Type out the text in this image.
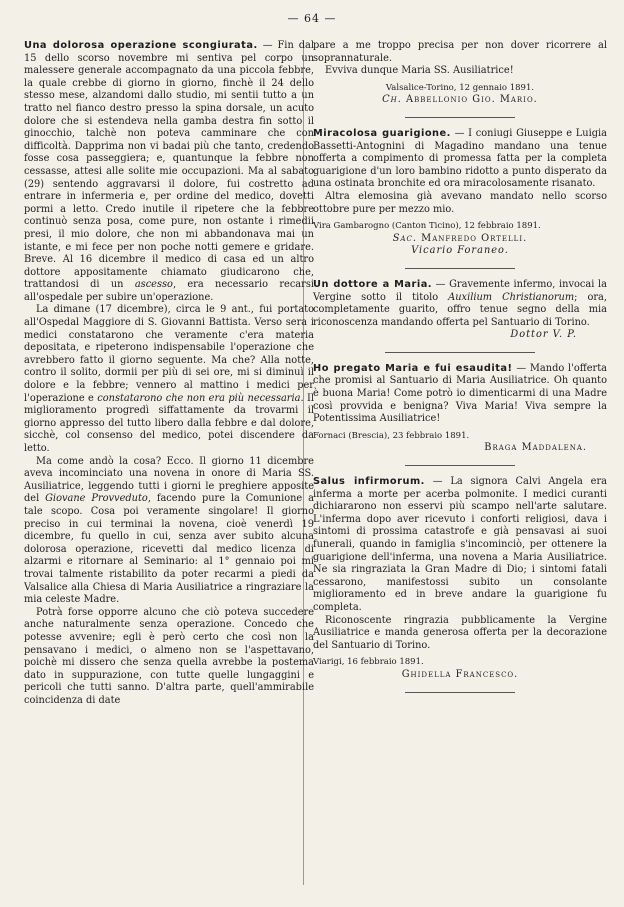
— 64 —

Una dolorosa operazione scongiurata. — Fin dal 15 dello scorso novembre mi sentiva pel corpo un malessere generale accompagnato da una piccola febbre, la quale crebbe di giorno in giorno, finchè il 24 dello stesso mese, alzandomi dallo studio, mi sentii tutto a un tratto nel fianco destro presso la spina dorsale, un acuto dolore che si estendeva nella gamba destra fin sotto il ginocchio, talchè non poteva camminare che con difficoltà. Dapprima non vi badai più che tanto, credendo fosse cosa passeggiera; e, quantunque la febbre non cessasse, attesi alle solite mie occupazioni. Ma al sabato (29) sentendo aggravarsi il dolore, fui costretto ad entrare in infermeria e, per ordine del medico, dovetti pormi a letto. Credo inutile il ripetere che la febbre continuò senza posa, come pure, non ostante i rimedii presi, il mio dolore, che non mi abbandonava mai un istante, e mi fece per non poche notti gemere e gridare. Breve. Al 16 dicembre il medico di casa ed un altro dottore appositamente chiamato giudicarono che, trattandosi di un ascesso, era necessario recarsi all'ospedale per subire un'operazione.

La dimane (17 dicembre), circa le 9 ant., fui portato all'Ospedal Maggiore di S. Giovanni Battista. Verso sera i medici constatarono che veramente c'era materia depositata, e ripeterono indispensabile l'operazione che avrebbero fatto il giorno seguente. Ma che? Alla notte, contro il solito, dormii per più di sei ore, mi si diminuì il dolore e la febbre; vennero al mattino i medici per l'operazione e constatarono che non era più necessaria. Il miglioramento progredì siffattamente da trovarmi il giorno appresso del tutto libero dalla febbre e dal dolore, sicchè, col consenso del medico, potei discendere da letto.

Ma come andò la cosa? Ecco. Il giorno 11 dicembre aveva incominciato una novena in onore di Maria SS. Ausiliatrice, leggendo tutti i giorni le preghiere apposite del Giovane Provveduto, facendo pure la Comunione a tale scopo. Cosa poi veramente singolare! Il giorno preciso in cui terminai la novena, cioè venerdì 19 dicembre, fu quello in cui, senza aver subito alcuna dolorosa operazione, ricevetti dal medico licenza di alzarmi e ritornare al Seminario: al 1° gennaio poi mi trovai talmente ristabilito da poter recarmi a piedi da Valsalice alla Chiesa di Maria Ausiliatrice a ringraziare la mia celeste Madre.

Potrà forse opporre alcuno che ciò poteva succedere anche naturalmente senza operazione. Concedo che potesse avvenire; egli è però certo che così non la pensavano i medici, o almeno non se l'aspettavano, poichè mi dissero che senza quella avrebbe la postema dato in suppurazione, con tutte quelle lungaggini e pericoli che tutti sanno. D'altra parte, quell'ammirabile coincidenza di date

pare a me troppo precisa per non dover ricorrere al soprannaturale.

Evviva dunque Maria SS. Ausiliatrice!

Valsalice-Torino, 12 gennaio 1891.

Ch. Abbellonio Gio. Mario.

Miracolosa guarigione. — I coniugi Giuseppe e Luigia Bassetti-Antognini di Magadino mandano una tenue offerta a compimento di promessa fatta per la completa guarigione d'un loro bambino ridotto a punto disperato da una ostinata bronchite ed ora miracolosamente risanato.

Altra elemosina già avevano mandato nello scorso ottobre pure per mezzo mio.

Vira Gambarogno (Canton Ticino), 12 febbraio 1891.

Sac. Manfredo Ortelli.

Vicario Foraneo.

Un dottore a Maria. — Gravemente infermo, invocai la Vergine sotto il titolo Auxilium Christianorum; ora, completamente guarito, offro tenue segno della mia riconoscenza mandando offerta pel Santuario di Torino.

Dottor V. P.

Ho pregato Maria e fui esaudita! — Mando l'offerta che promisi al Santuario di Maria Ausiliatrice. Oh quanto è buona Maria! Come potrò io dimenticarmi di una Madre così provvida e benigna? Viva Maria! Viva sempre la Potentissima Ausiliatrice!

Fornaci (Brescia), 23 febbraio 1891.

Braga Maddalena.

Salus infirmorum. — La signora Calvi Angela era inferma a morte per acerba polmonite. I medici curanti dichiararono non esservi più scampo nell'arte salutare. L'inferma dopo aver ricevuto i conforti religiosi, dava i sintomi di prossima catastrofe e già pensavasi ai suoi funerali, quando in famiglia s'incominciò, per ottenere la guarigione dell'inferma, una novena a Maria Ausiliatrice. Ne sia ringraziata la Gran Madre di Dio; i sintomi fatali cessarono, manifestossi subito un consolante miglioramento ed in breve andare la guarigione fu completa.

Riconoscente ringrazia pubblicamente la Vergine Ausiliatrice e manda generosa offerta per la decorazione del Santuario di Torino.

Viarigi, 16 febbraio 1891.

Ghidella Francesco.
